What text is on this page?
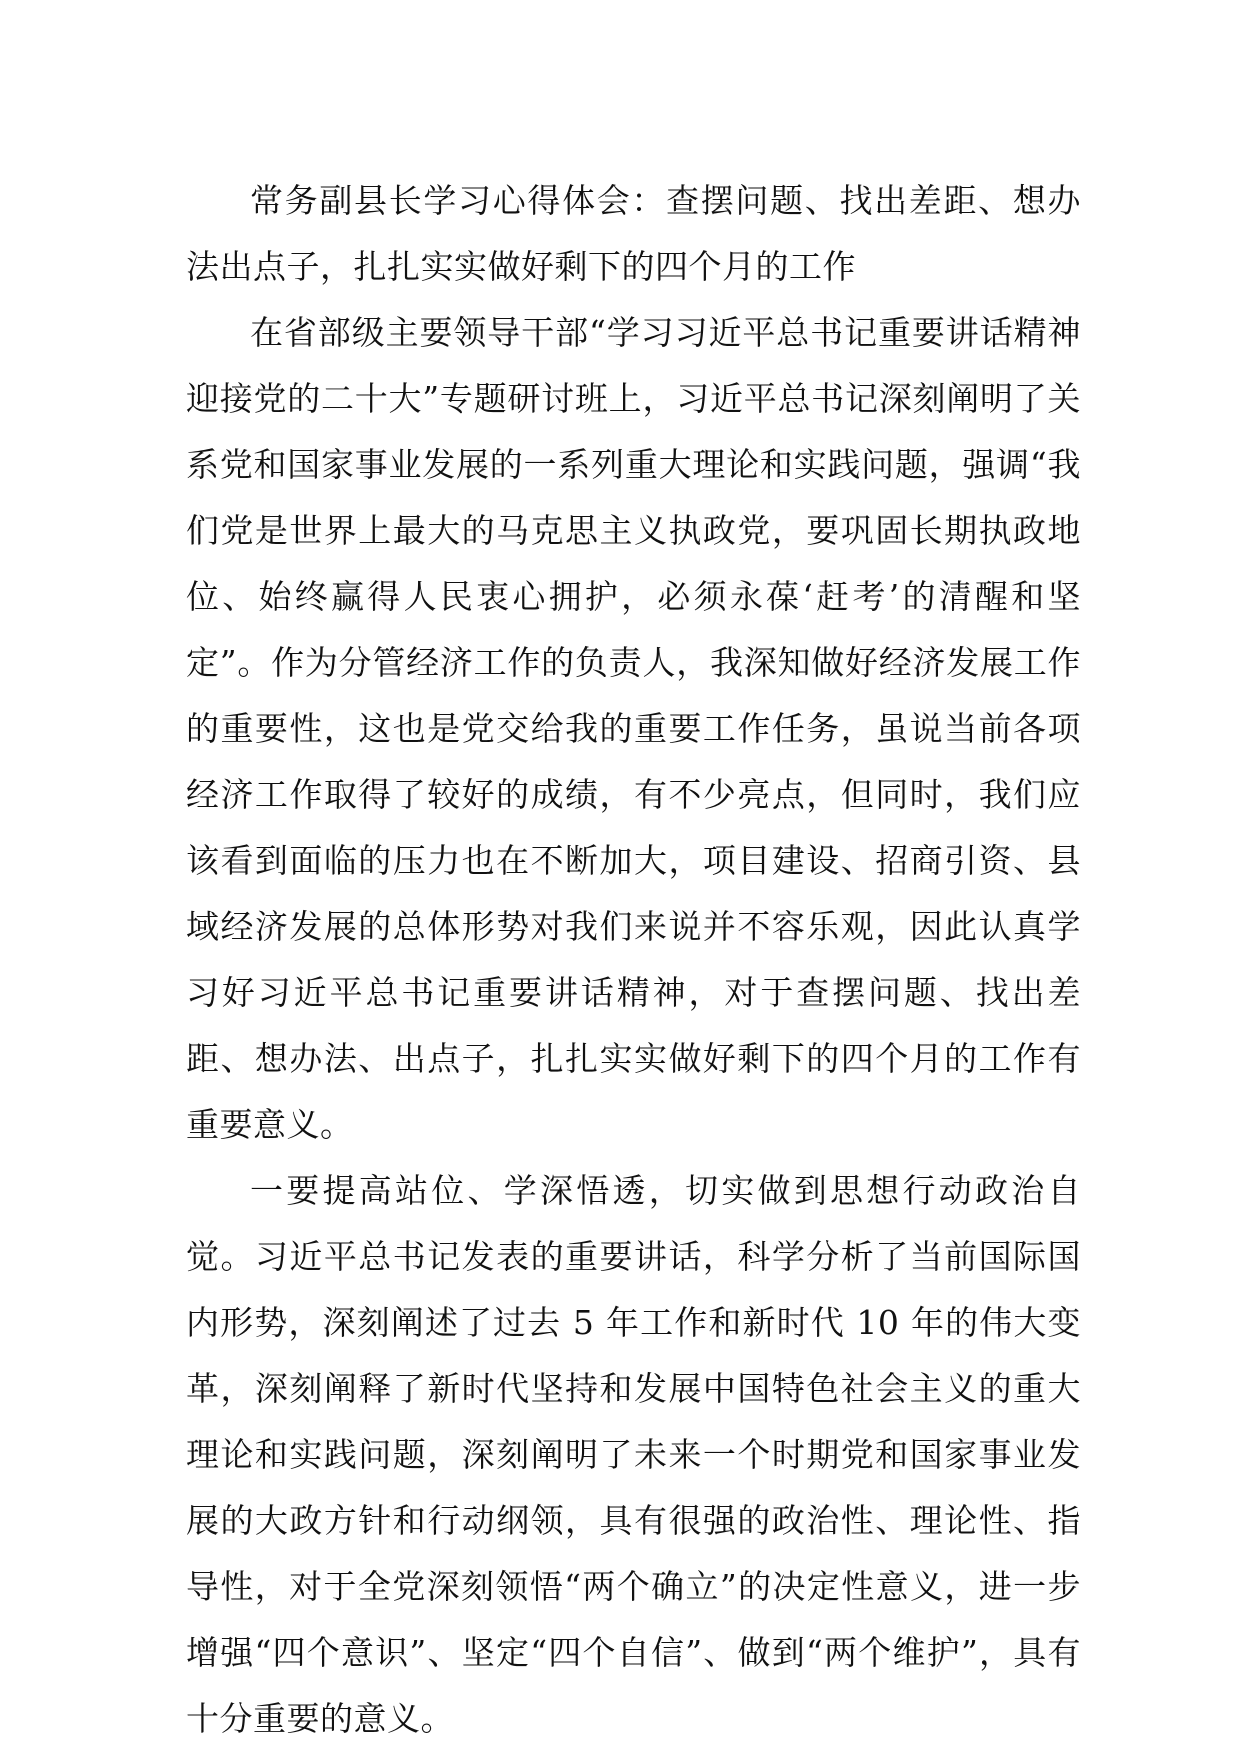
常务副县长学习心得体会：查摆问题、找出差距、想办法出点子，扎扎实实做好剩下的四个月的工作

在省部级主要领导干部“学习习近平总书记重要讲话精神迎接党的二十大”专题研讨班上，习近平总书记深刻阐明了关系党和国家事业发展的一系列重大理论和实践问题，强调“我们党是世界上最大的马克思主义执政党，要巩固长期执政地位、始终赢得人民衷心拥护，必须永葆‘赶考’的清醒和坚定”。作为分管经济工作的负责人，我深知做好经济发展工作的重要性，这也是党交给我的重要工作任务，虽说当前各项经济工作取得了较好的成绩，有不少亮点，但同时，我们应该看到面临的压力也在不断加大，项目建设、招商引资、县域经济发展的总体形势对我们来说并不容乐观，因此认真学习好习近平总书记重要讲话精神，对于查摆问题、找出差距、想办法、出点子，扎扎实实做好剩下的四个月的工作有重要意义。

一要提高站位、学深悟透，切实做到思想行动政治自觉。习近平总书记发表的重要讲话，科学分析了当前国际国内形势，深刻阐述了过去 5 年工作和新时代 10 年的伟大变革，深刻阐释了新时代坚持和发展中国特色社会主义的重大理论和实践问题，深刻阐明了未来一个时期党和国家事业发展的大政方针和行动纲领，具有很强的政治性、理论性、指导性，对于全党深刻领悟“两个确立”的决定性意义，进一步增强“四个意识”、坚定“四个自信”、做到“两个维护”，具有十分重要的意义。
